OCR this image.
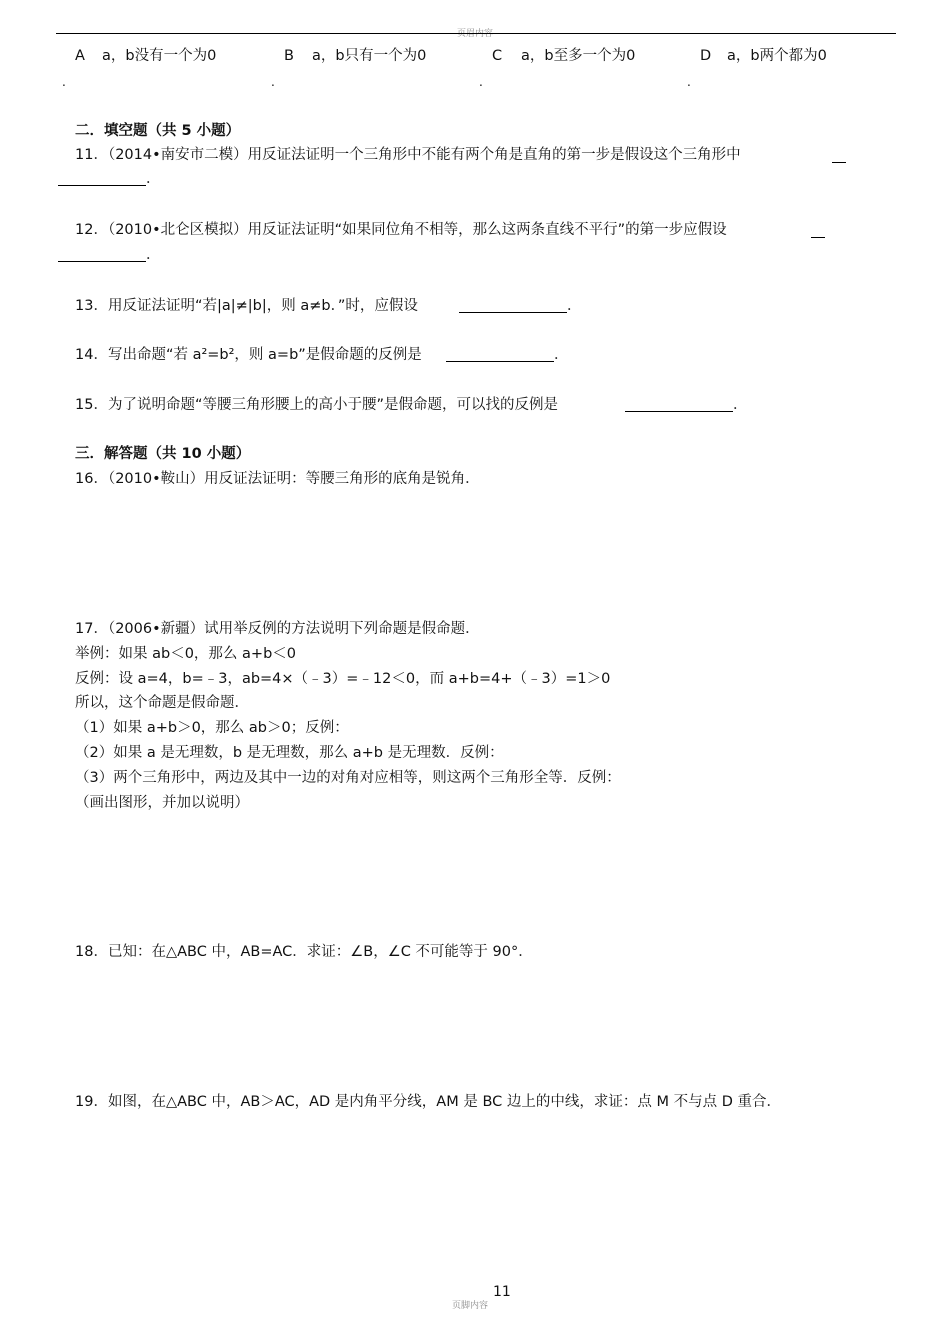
页眉内容
A a，b没有一个为0	B a，b只有一个为0	C a，b至多一个为0	D a，b两个都为0
.	.	.	.
二．填空题（共 5 小题）
11．（2014•南安市二模）用反证法证明一个三角形中不能有两个角是直角的第一步是假设这个三角形中
．
12．（2010•北仑区模拟）用反证法证明“如果同位角不相等，那么这两条直线不平行”的第一步应假设
．
13．用反证法证明“若|a|≠|b|，则 a≠b．”时，应假设	．
14．写出命题“若 a²=b²，则 a=b”是假命题的反例是	．
15．为了说明命题“等腰三角形腰上的高小于腰”是假命题，可以找的反例是	．
三．解答题（共 10 小题）
16．（2010•鞍山）用反证法证明：等腰三角形的底角是锐角．
17．（2006•新疆）试用举反例的方法说明下列命题是假命题．
举例：如果 ab＜0，那么 a+b＜0
反例：设 a=4，b=﹣3，ab=4×（﹣3）=﹣12＜0，而 a+b=4+（﹣3）=1＞0
所以，这个命题是假命题．
（1）如果 a+b＞0，那么 ab＞0；反例：
（2）如果 a 是无理数，b 是无理数，那么 a+b 是无理数．反例：
（3）两个三角形中，两边及其中一边的对角对应相等，则这两个三角形全等．反例：
（画出图形，并加以说明）
18．已知：在△ABC 中，AB=AC．求证：∠B，∠C 不可能等于 90°．
19．如图，在△ABC 中，AB＞AC，AD 是内角平分线，AM 是 BC 边上的中线，求证：点 M 不与点 D 重合．
页脚内容
11
